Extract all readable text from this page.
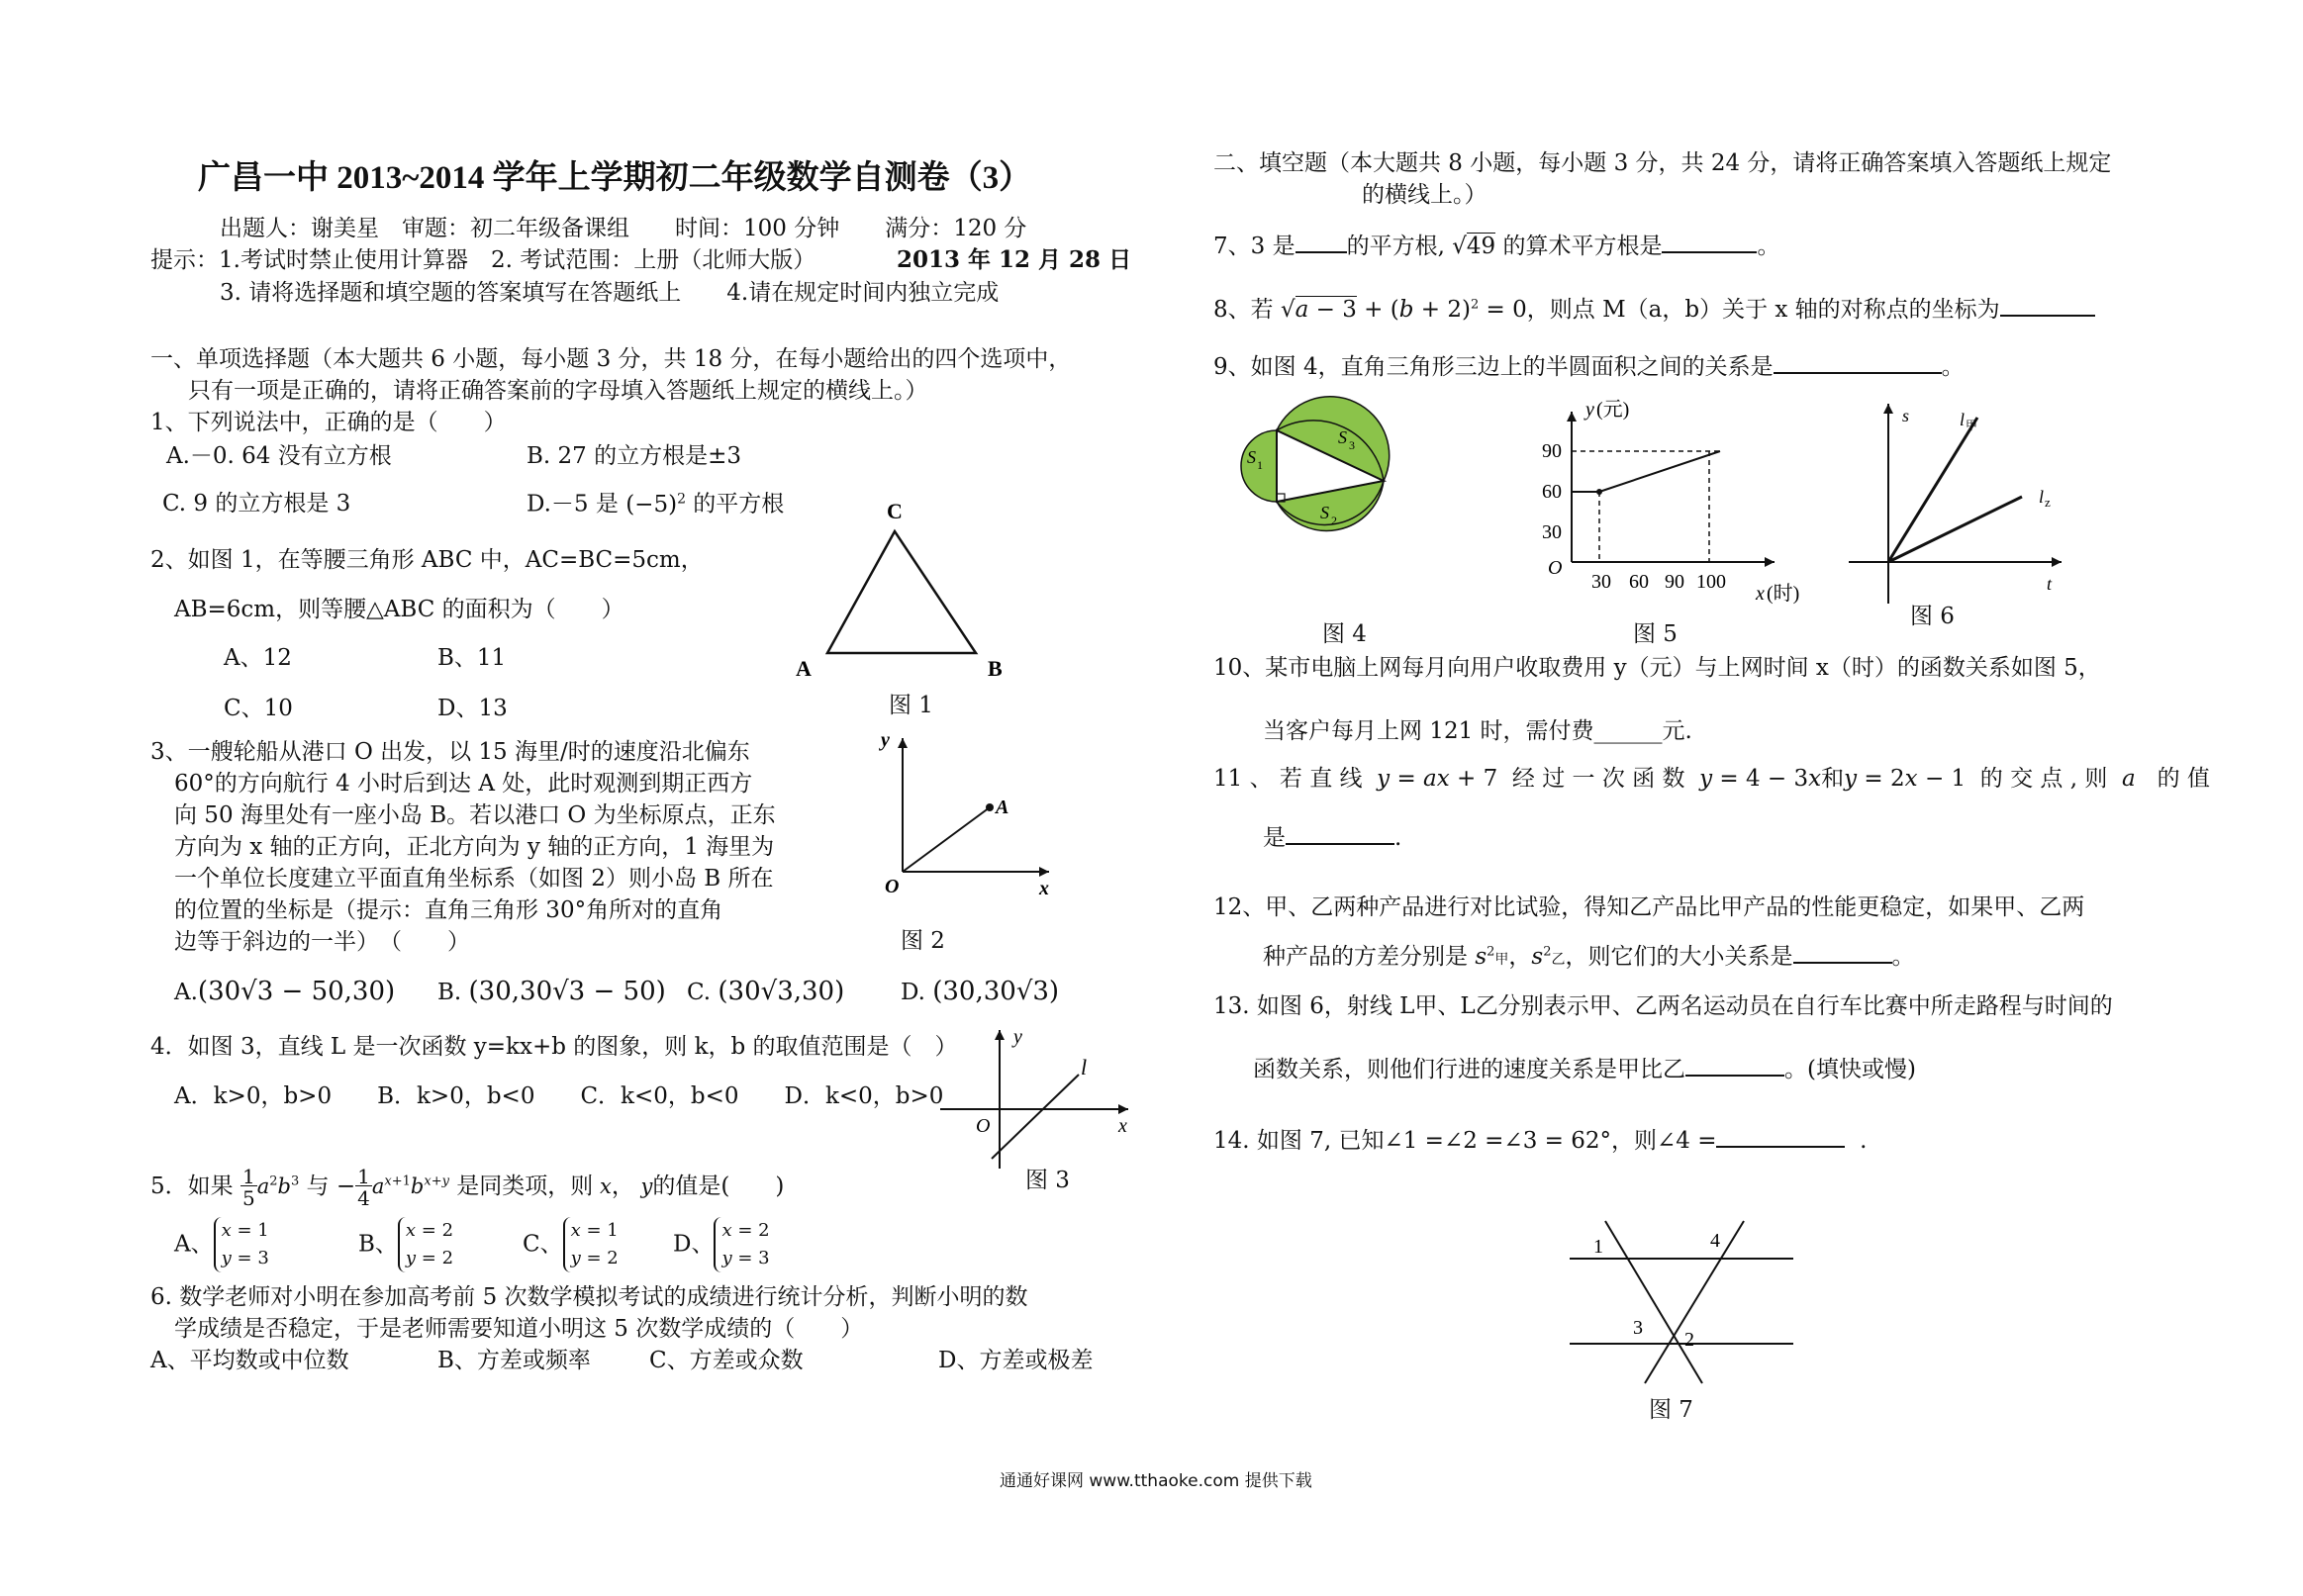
广昌一中 2013~2014 学年上学期初二年级数学自测卷（3）
出题人：谢美星　审题：初二年级备课组　　时间：100 分钟　　满分：120 分
提示：1.考试时禁止使用计算器　2. 考试范围：上册（北师大版）	2013 年 12 月 28 日
3. 请将选择题和填空题的答案填写在答题纸上　　4.请在规定时间内独立完成
一、单项选择题（本大题共 6 小题，每小题 3 分，共 18 分，在每小题给出的四个选项中，
只有一项是正确的，请将正确答案前的字母填入答题纸上规定的横线上。）
1、下列说法中，正确的是（　　）
A.－0. 64 没有立方根	B. 27 的立方根是±3
C. 9 的立方根是 3	D.－5 是 $(-5)^2$ 的平方根	C
A	B
图 1
2、如图 1，在等腰三角形 ABC 中，AC=BC=5cm，
AB=6cm，则等腰△ABC 的面积为（　　）
A、12	B、11
C、10	D、13
3、一艘轮船从港口 O 出发，以 15 海里/时的速度沿北偏东
60°的方向航行 4 小时后到达 A 处，此时观测到期正西方
向 50 海里处有一座小岛 B。若以港口 O 为坐标原点，正东
方向为 x 轴的正方向，正北方向为 y 轴的正方向，1 海里为
一个单位长度建立平面直角坐标系（如图 2）则小岛 B 所在
的位置的坐标是（提示：直角三角形 30°角所对的直角
边等于斜边的一半）　（　　）
A.(30√3 − 50,30) B. (30,30√3 − 50) C. (30√3,30) D. (30,30√3)
y
O	x
A
图 2
4．如图 3，直线 L 是一次函数 y=kx+b 的图象，则 k，b 的取值范围是（　）
A．k>0，b>0　　B．k>0，b<0　　C．k<0，b<0　　D．k<0，b>0
y
O	x
l
图 3
5．如果 1
$5a^2b^3$ 与 − 1
$4a^{x+1}b^{x+y}$ 是同类项，则 x， y的值是(　　)
A、x = 1
y = 3
B、x = 2
y = 2
C、x = 1
y = 2
D、x = 2
y = 3
6. 数学老师对小明在参加高考前 5 次数学模拟考试的成绩进行统计分析，判断小明的数
学成绩是否稳定，于是老师需要知道小明这 5 次数学成绩的（　　）
A、平均数或中位数	B、方差或频率	C、方差或众数	D、方差或极差
二、填空题（本大题共 8 小题，每小题 3 分，共 24 分，请将正确答案填入答题纸上规定
的横线上。）
7、3 是 的平方根, √49 的算术平方根是	。
8、若 $√a - 3 + (b + 2)^2 = 0$，则点 M（a，b）关于 x 轴的对称点的坐标为
9、如图 4，直角三角形三边上的半圆面积之间的关系是	。
S 1
S 3
S 2
图 4
y (元)
90
60
30
O
30 60 90 100
x (时)
图 5
s	l 甲
l z
t
图 6
10、某市电脑上网每月向用户收取费用 y（元）与上网时间 x（时）的函数关系如图 5，
当客户每月上网 121 时，需付费______元.
11 、 若 直 线 y = ax + 7 经 过 一 次 函 数 y = 4 − 3x和y = 2x − 1 的 交 点 , 则 a 的 值
是	.
12、甲、乙两种产品进行对比试验，得知乙产品比甲产品的性能更稳定，如果甲、乙两
种产品的方差分别是 $s^2$甲，$s^2$乙，则它们的大小关系是	。
13. 如图 6，射线 L甲、L乙分别表示甲、乙两名运动员在自行车比赛中所走路程与时间的
函数关系，则他们行进的速度关系是甲比乙	。(填快或慢)
14. 如图 7, 已知∠1 =∠2 =∠3 = 62°，则∠4 =	.
1	4
3
2
图 7
通通好课网 www.tthaoke.com 提供下载
